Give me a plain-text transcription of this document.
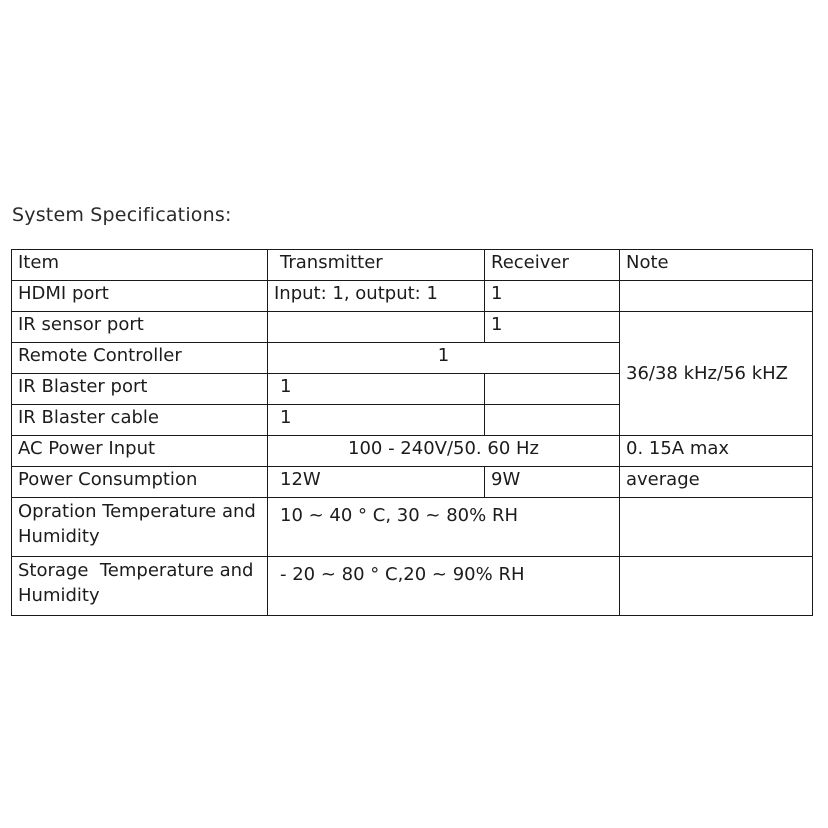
System Specifications:
Item	Transmitter	Receiver	Note
HDMI port	Input: 1, output: 1	1	
IR sensor port		1	36/38 kHz/56 kHZ
Remote Controller	1		
IR Blaster port	1		
IR Blaster cable	1		
AC Power Input	100 - 240V/50. 60 Hz		0. 15A max
Power Consumption	12W	9W	average
Opration Temperature and Humidity	10 ~ 40 ° C, 30 ~ 80% RH		
Storage  Temperature and Humidity	- 20 ~ 80 ° C,20 ~ 90% RH		
